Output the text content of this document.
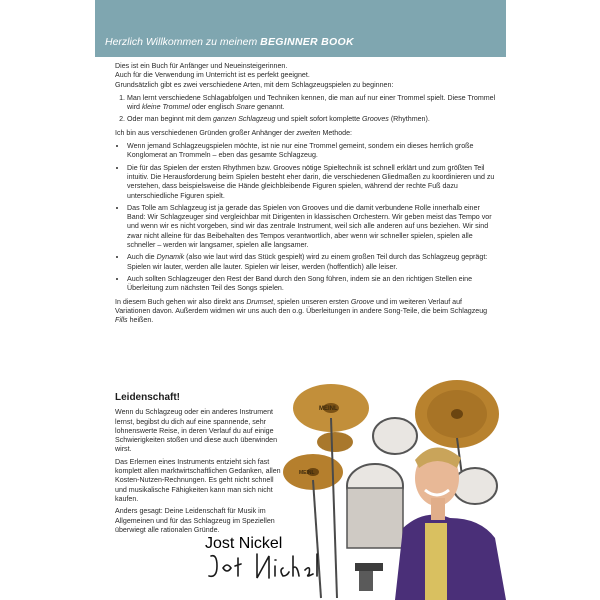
Herzlich Willkommen zu meinem BEGINNER BOOK

Dies ist ein Buch für Anfänger und Neueinsteigerinnen.
Auch für die Verwendung im Unterricht ist es perfekt geeignet.
Grundsätzlich gibt es zwei verschiedene Arten, mit dem Schlagzeugspielen zu beginnen:

1. Man lernt verschiedene Schlagabfolgen und Techniken kennen, die man auf nur einer Trommel spielt. Diese Trommel wird kleine Trommel oder englisch Snare genannt.
2. Oder man beginnt mit dem ganzen Schlagzeug und spielt sofort komplette Grooves (Rhythmen).

Ich bin aus verschiedenen Gründen großer Anhänger der zweiten Methode:

• Wenn jemand Schlagzeugspielen möchte, ist nie nur eine Trommel gemeint, sondern ein dieses herrlich große Konglomerat an Trommeln – eben das gesamte Schlagzeug.
• Die für das Spielen der ersten Rhythmen bzw. Grooves nötige Spieltechnik ist schnell erklärt und zum größten Teil intuitiv. Die Herausforderung beim Spielen besteht eher darin, die verschiedenen Gliedmaßen zu koordinieren und zu verstehen, dass beispielsweise die Hände gleichbleibende Figuren spielen, während der rechte Fuß dazu unterschiedliche Figuren spielt.
• Das Tolle am Schlagzeug ist ja gerade das Spielen von Grooves und die damit verbundene Rolle innerhalb einer Band: Wir Schlagzeuger sind vergleichbar mit Dirigenten in klassischen Orchestern. Wir geben meist das Tempo vor und wenn wir es nicht vorgeben, sind wir das zentrale Instrument, weil sich alle anderen auf uns beziehen. Wir sind zwar nicht alleine für das Beibehalten des Tempos verantwortlich, aber wenn wir schneller spielen, spielen alle schneller – werden wir langsamer, spielen alle langsamer.
• Auch die Dynamik (also wie laut wird das Stück gespielt) wird zu einem großen Teil durch das Schlagzeug geprägt: Spielen wir lauter, werden alle lauter. Spielen wir leiser, werden (hoffentlich) alle leiser.
• Auch sollten Schlagzeuger den Rest der Band durch den Song führen, indem sie an den richtigen Stellen eine Überleitung zum nächsten Teil des Songs spielen.

In diesem Buch gehen wir also direkt ans Drumset, spielen unseren ersten Groove und im weiteren Verlauf auf Variationen davon. Außerdem widmen wir uns auch den o.g. Überleitungen in andere Song-Teile, die beim Schlagzeug Fills heißen.

Leidenschaft!

Wenn du Schlagzeug oder ein anderes Instrument lernst, begibst du dich auf eine spannende, sehr lohnenswerte Reise, in deren Verlauf du auf einige Schwierigkeiten stoßen und diese auch überwinden wirst.

Das Erlernen eines Instruments entzieht sich fast komplett allen marktwirtschaftlichen Gedanken, allen Kosten-Nutzen-Rechnungen. Es geht nicht schnell und musikalische Fähigkeiten kann man sich nicht kaufen.

Anders gesagt: Deine Leidenschaft für Musik im Allgemeinen und für das Schlagzeug im Speziellen überwiegt alle rationalen Gründe.

MEINL
MEINL
Jost Nickel
